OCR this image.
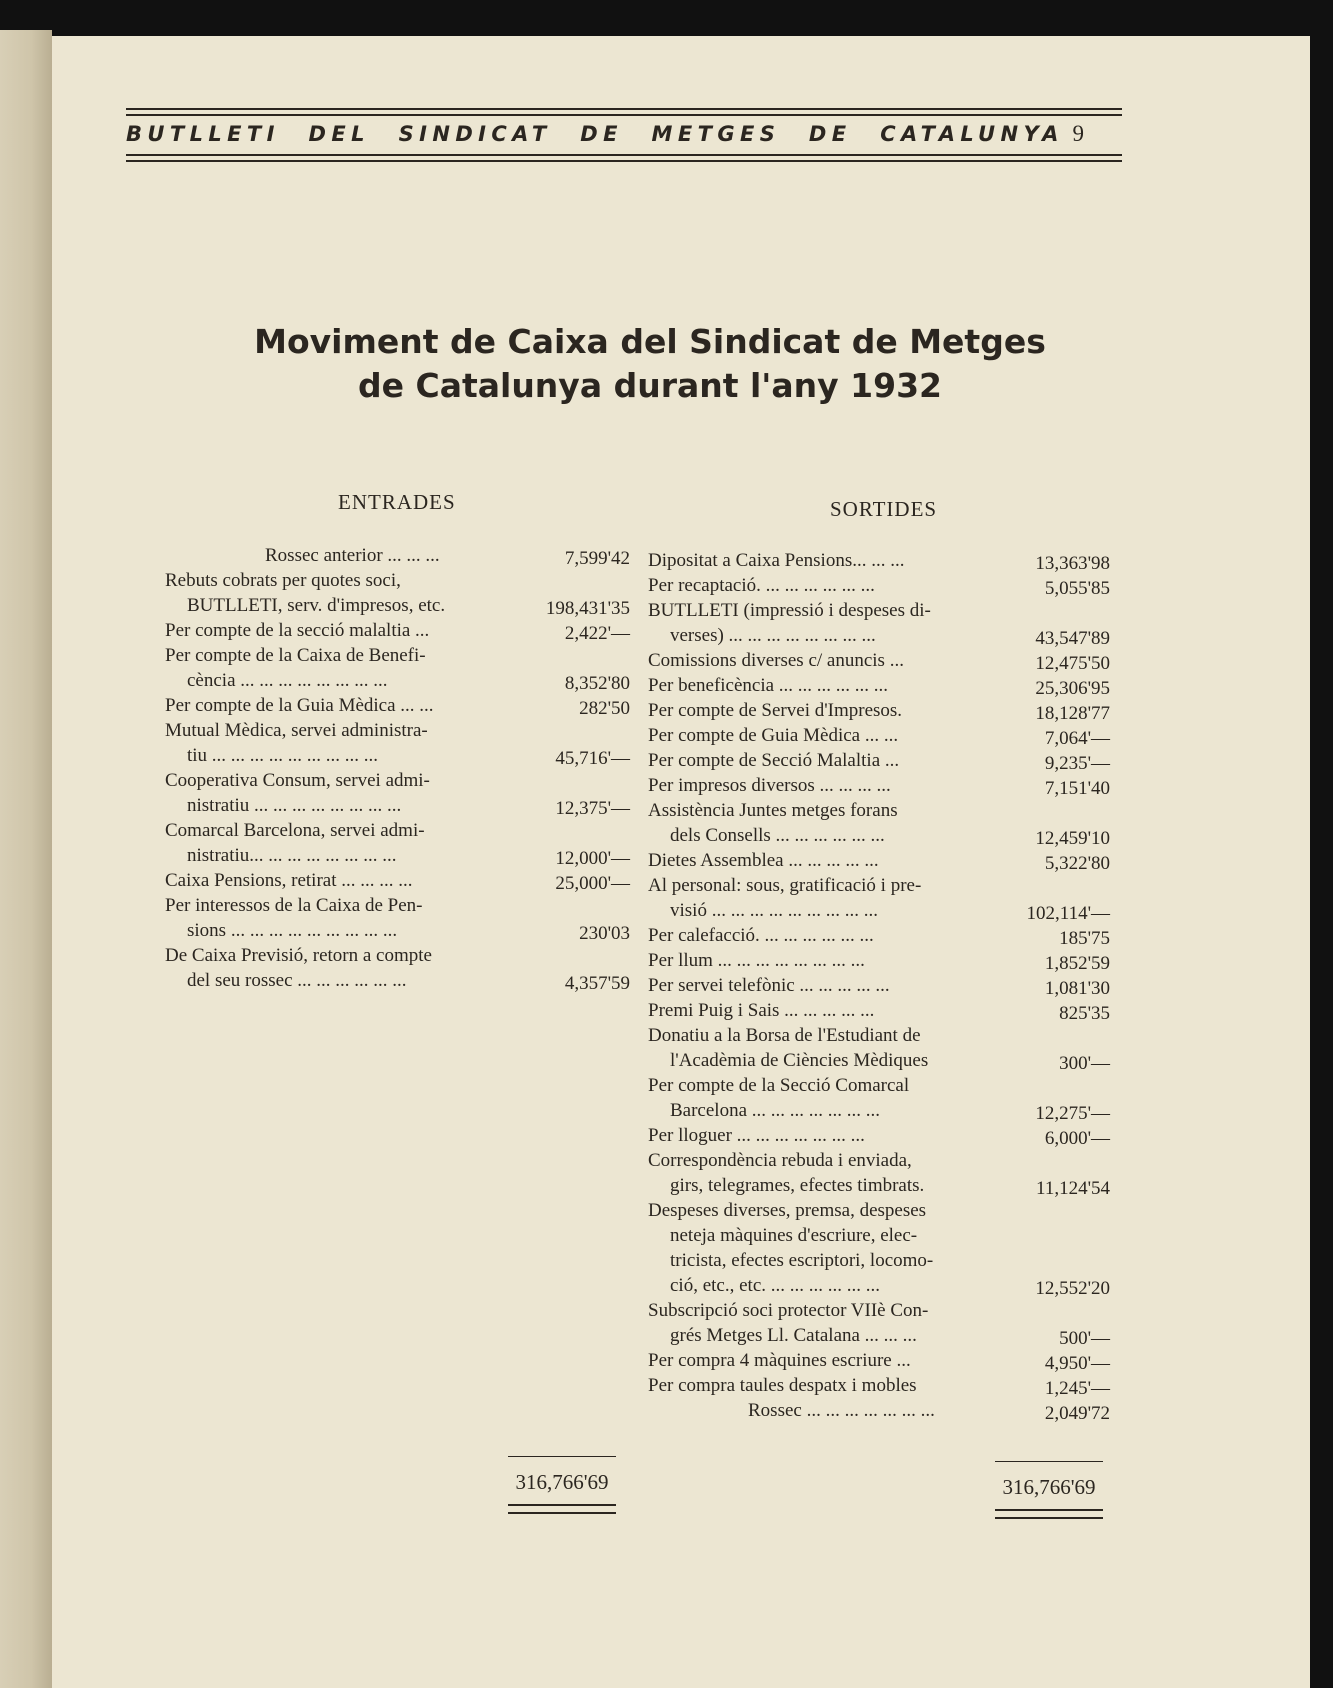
BUTLLETI DEL SINDICAT DE METGES DE CATALUNYA 9
Moviment de Caixa del Sindicat de Metges
de Catalunya durant l'any 1932
ENTRADES	SORTIDES
Rossec anterior ... ... ...	7,599'42
Rebuts cobrats per quotes soci,
BUTLLETI, serv. d'impresos, etc.	198,431'35
Per compte de la secció malaltia ...	2,422'—
Per compte de la Caixa de Benefi-
cència ... ... ... ... ... ... ... ...	8,352'80
Per compte de la Guia Mèdica ... ...	282'50
Mutual Mèdica, servei administra-
tiu ... ... ... ... ... ... ... ... ...	45,716'—
Cooperativa Consum, servei admi-
nistratiu ... ... ... ... ... ... ... ...	12,375'—
Comarcal Barcelona, servei admi-
nistratiu... ... ... ... ... ... ... ...	12,000'—
Caixa Pensions, retirat ... ... ... ...	25,000'—
Per interessos de la Caixa de Pen-
sions ... ... ... ... ... ... ... ... ...	230'03
De Caixa Previsió, retorn a compte
del seu rossec ... ... ... ... ... ...	4,357'59
Dipositat a Caixa Pensions... ... ...	13,363'98
Per recaptació. ... ... ... ... ... ...	5,055'85
BUTLLETI (impressió i despeses di-
verses) ... ... ... ... ... ... ... ...	43,547'89
Comissions diverses c/ anuncis ...	12,475'50
Per beneficència ... ... ... ... ... ...	25,306'95
Per compte de Servei d'Impresos.	18,128'77
Per compte de Guia Mèdica ... ...	7,064'—
Per compte de Secció Malaltia ...	9,235'—
Per impresos diversos ... ... ... ...	7,151'40
Assistència Juntes metges forans
dels Consells ... ... ... ... ... ...	12,459'10
Dietes Assemblea ... ... ... ... ...	5,322'80
Al personal: sous, gratificació i pre-
visió ... ... ... ... ... ... ... ... ...	102,114'—
Per calefacció. ... ... ... ... ... ...	185'75
Per llum ... ... ... ... ... ... ... ...	1,852'59
Per servei telefònic ... ... ... ... ...	1,081'30
Premi Puig i Sais ... ... ... ... ...	825'35
Donatiu a la Borsa de l'Estudiant de
l'Acadèmia de Ciències Mèdiques	300'—
Per compte de la Secció Comarcal
Barcelona ... ... ... ... ... ... ...	12,275'—
Per lloguer ... ... ... ... ... ... ...	6,000'—
Correspondència rebuda i enviada,
girs, telegrames, efectes timbrats.	11,124'54
Despeses diverses, premsa, despeses
neteja màquines d'escriure, elec-
tricista, efectes escriptori, locomo-
ció, etc., etc. ... ... ... ... ... ...	12,552'20
Subscripció soci protector VIIè Con-
grés Metges Ll. Catalana ... ... ...	500'—
Per compra 4 màquines escriure ...	4,950'—
Per compra taules despatx i mobles	1,245'—
Rossec ... ... ... ... ... ... ...	2,049'72
316,766'69	316,766'69
